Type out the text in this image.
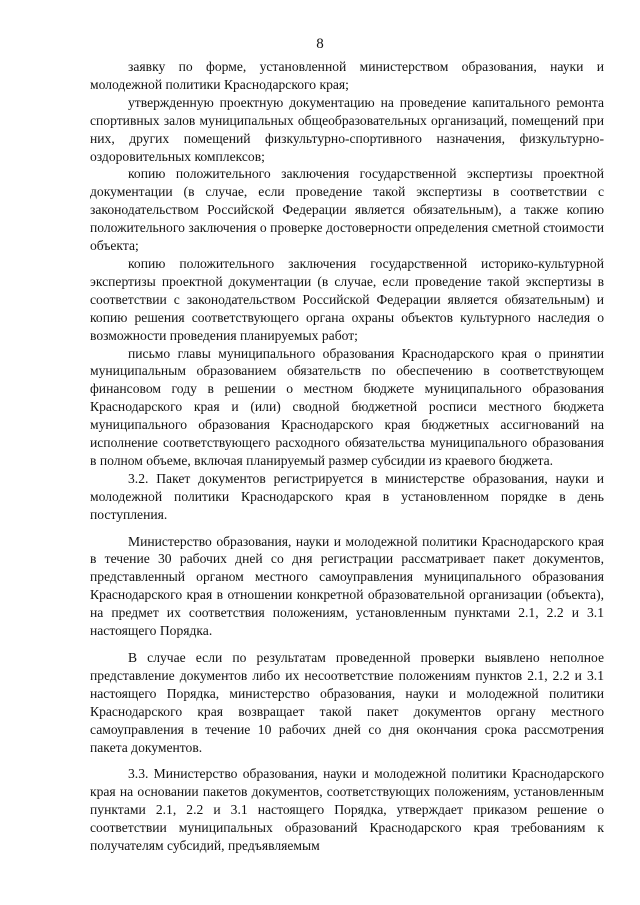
8

заявку по форме, установленной министерством образования, науки и молодежной политики Краснодарского края;

утвержденную проектную документацию на проведение капитального ремонта спортивных залов муниципальных общеобразовательных организаций, помещений при них, других помещений физкультурно-спортивного назначения, физкультурно-оздоровительных комплексов;

копию положительного заключения государственной экспертизы проектной документации (в случае, если проведение такой экспертизы в соответствии с законодательством Российской Федерации является обязательным), а также копию положительного заключения о проверке достоверности определения сметной стоимости объекта;

копию положительного заключения государственной историко-культурной экспертизы проектной документации (в случае, если проведение такой экспертизы в соответствии с законодательством Российской Федерации является обязательным) и копию решения соответствующего органа охраны объектов культурного наследия о возможности проведения планируемых работ;

письмо главы муниципального образования Краснодарского края о принятии муниципальным образованием обязательств по обеспечению в соответствующем финансовом году в решении о местном бюджете муниципального образования Краснодарского края и (или) сводной бюджетной росписи местного бюджета муниципального образования Краснодарского края бюджетных ассигнований на исполнение соответствующего расходного обязательства муниципального образования в полном объеме, включая планируемый размер субсидии из краевого бюджета.

3.2. Пакет документов регистрируется в министерстве образования, науки и молодежной политики Краснодарского края в установленном порядке в день поступления.

Министерство образования, науки и молодежной политики Краснодарского края в течение 30 рабочих дней со дня регистрации рассматривает пакет документов, представленный органом местного самоуправления муниципального образования Краснодарского края в отношении конкретной образовательной организации (объекта), на предмет их соответствия положениям, установленным пунктами 2.1, 2.2 и 3.1 настоящего Порядка.

В случае если по результатам проведенной проверки выявлено неполное представление документов либо их несоответствие положениям пунктов 2.1, 2.2 и 3.1 настоящего Порядка, министерство образования, науки и молодежной политики Краснодарского края возвращает такой пакет документов органу местного самоуправления в течение 10 рабочих дней со дня окончания срока рассмотрения пакета документов.

3.3. Министерство образования, науки и молодежной политики Краснодарского края на основании пакетов документов, соответствующих положениям, установленным пунктами 2.1, 2.2 и 3.1 настоящего Порядка, утверждает приказом решение о соответствии муниципальных образований Краснодарского края требованиям к получателям субсидий, предъявляемым
